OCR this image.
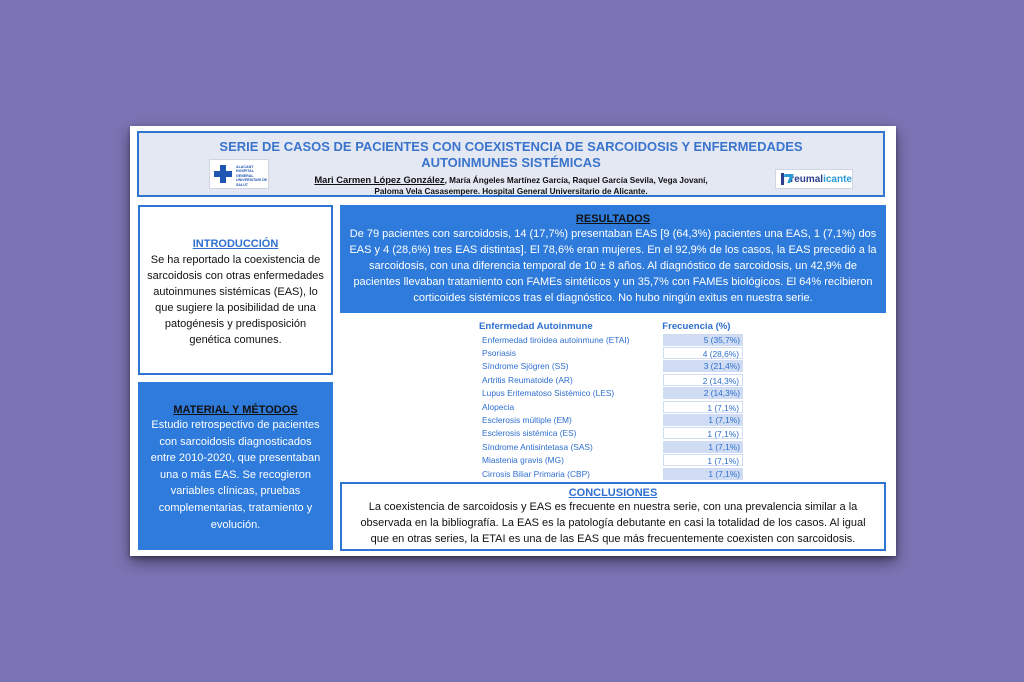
ALACANT
HOSPITAL GENERAL
UNIVERSITARI DE SALUT
SERIE DE CASOS DE PACIENTES CON COEXISTENCIA DE SARCOIDOSIS Y ENFERMEDADES
AUTOINMUNES SISTÉMICAS
Mari Carmen López González, María Ángeles Martínez García, Raquel García Sevila, Vega Jovaní,
Paloma Vela Casasempere. Hospital General Universitario de Alicante.
reumalicante
INTRODUCCIÓN
Se ha reportado la coexistencia de sarcoidosis con otras enfermedades autoinmunes sistémicas (EAS), lo que sugiere la posibilidad de una patogénesis y predisposición genética comunes.
MATERIAL Y MÉTODOS
Estudio retrospectivo de pacientes con sarcoidosis diagnosticados entre 2010-2020, que presentaban una o más EAS. Se recogieron variables clínicas, pruebas complementarias, tratamiento y evolución.
RESULTADOS
De 79 pacientes con sarcoidosis, 14 (17,7%) presentaban EAS [9 (64,3%) pacientes una EAS, 1 (7,1%) dos EAS y 4 (28,6%) tres EAS distintas]. El 78,6% eran mujeres. En el 92,9% de los casos, la EAS precedió a la sarcoidosis, con una diferencia temporal de 10 ± 8 años. Al diagnóstico de sarcoidosis, un 42,9% de pacientes llevaban tratamiento con FAMEs sintéticos y un 35,7% con FAMEs biológicos. El 64% recibieron corticoides sistémicos tras el diagnóstico. No hubo ningún exitus en nuestra serie.
Enfermedad Autoinmune	Frecuencia (%)
Enfermedad tiroidea autoinmune (ETAI)	5 (35,7%)
Psoriasis	4 (28,6%)
Síndrome Sjögren (SS)	3 (21,4%)
Artritis Reumatoide (AR)	2 (14,3%)
Lupus Eritematoso Sistémico (LES)	2 (14,3%)
Alopecia	1 (7,1%)
Esclerosis múltiple (EM)	1 (7,1%)
Esclerosis sistémica (ES)	1 (7,1%)
Síndrome Antisintetasa (SAS)	1 (7,1%)
Miastenia gravis (MG)	1 (7,1%)
Cirrosis Biliar Primaria (CBP)	1 (7,1%)
CONCLUSIONES
La coexistencia de sarcoidosis y EAS es frecuente en nuestra serie, con una prevalencia similar a la observada en la bibliografía. La EAS es la patología debutante en casi la totalidad de los casos. Al igual que en otras series, la ETAI es una de las EAS que más frecuentemente coexisten con sarcoidosis.
